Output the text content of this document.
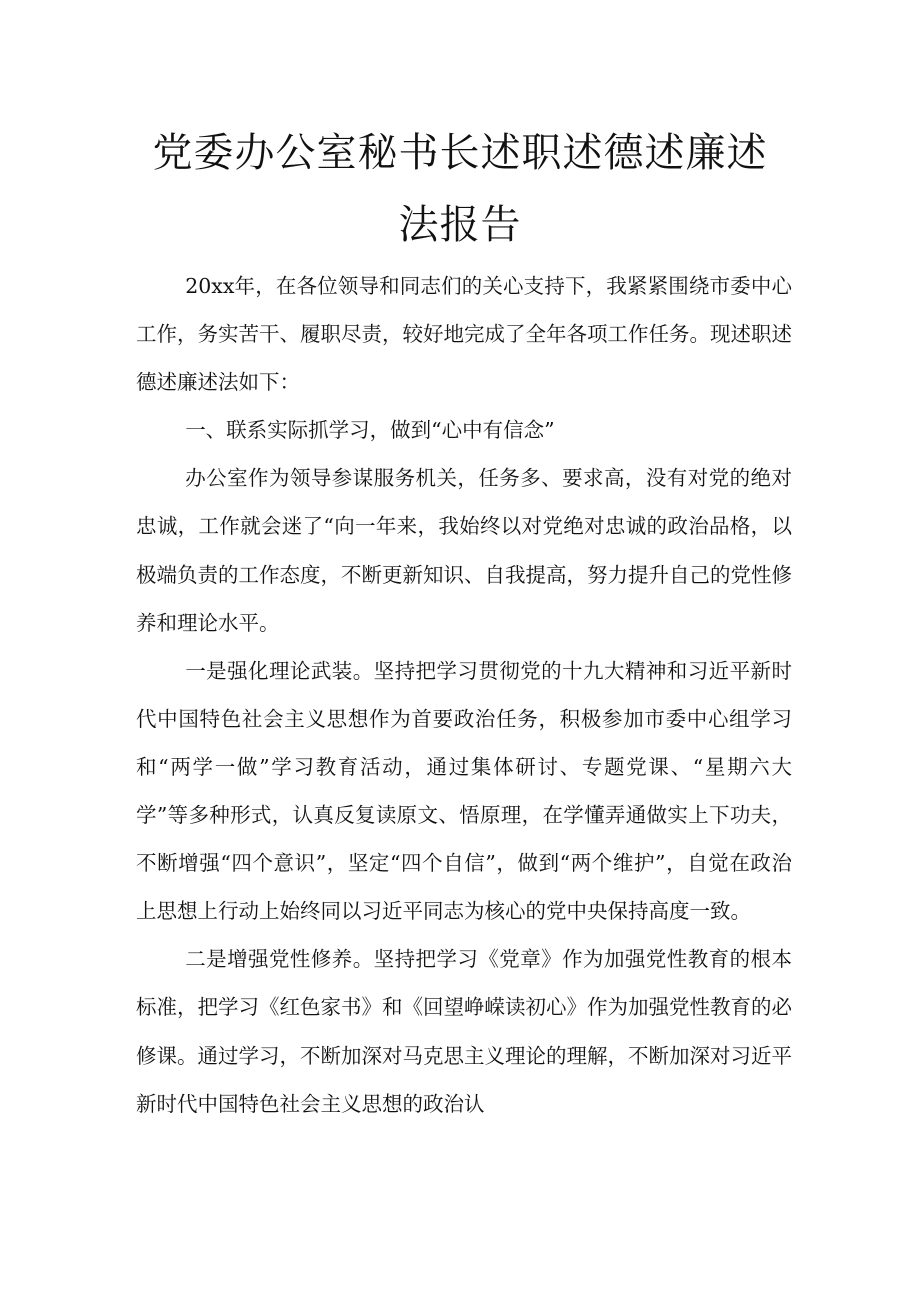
党委办公室秘书长述职述德述廉述
法报告

20xx年，在各位领导和同志们的关心支持下，我紧紧围绕市委中心工作，务实苦干、履职尽责，较好地完成了全年各项工作任务。现述职述德述廉述法如下：

一、联系实际抓学习，做到“心中有信念”

办公室作为领导参谋服务机关，任务多、要求高，没有对党的绝对忠诚，工作就会迷了“向一年来，我始终以对党绝对忠诚的政治品格，以极端负责的工作态度，不断更新知识、自我提高，努力提升自己的党性修养和理论水平。

一是强化理论武装。坚持把学习贯彻党的十九大精神和习近平新时代中国特色社会主义思想作为首要政治任务，积极参加市委中心组学习和“两学一做”学习教育活动，通过集体研讨、专题党课、“星期六大学”等多种形式，认真反复读原文、悟原理，在学懂弄通做实上下功夫，不断增强“四个意识”，坚定“四个自信”，做到“两个维护”，自觉在政治上思想上行动上始终同以习近平同志为核心的党中央保持高度一致。

二是增强党性修养。坚持把学习《党章》作为加强党性教育的根本标准，把学习《红色家书》和《回望峥嵘读初心》作为加强党性教育的必修课。通过学习，不断加深对马克思主义理论的理解，不断加深对习近平新时代中国特色社会主义思想的政治认
